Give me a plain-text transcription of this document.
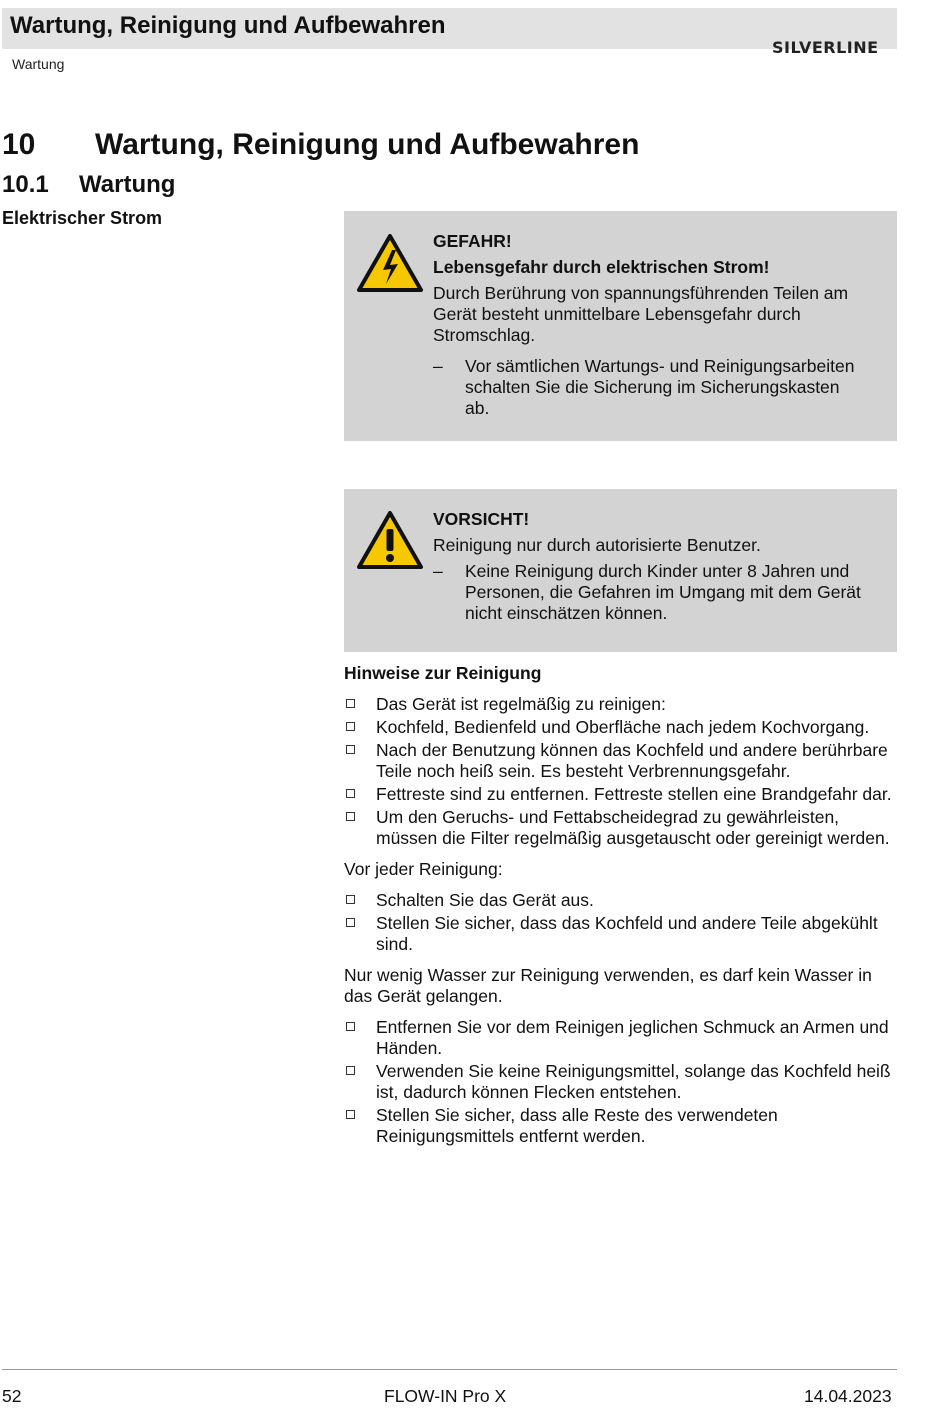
Wartung, Reinigung und Aufbewahren
Wartung
SILVERLINE
10 Wartung, Reinigung und Aufbewahren
10.1 Wartung
Elektrischer Strom
GEFAHR!
Lebensgefahr durch elektrischen Strom!
Durch Berührung von spannungsführenden Teilen am Gerät besteht unmittelbare Lebensgefahr durch Stromschlag.
– Vor sämtlichen Wartungs- und Reinigungsarbeiten schalten Sie die Sicherung im Sicherungskasten ab.
VORSICHT!
Reinigung nur durch autorisierte Benutzer.
– Keine Reinigung durch Kinder unter 8 Jahren und Personen, die Gefahren im Umgang mit dem Gerät nicht einschätzen können.
Hinweise zur Reinigung
Das Gerät ist regelmäßig zu reinigen:
Kochfeld, Bedienfeld und Oberfläche nach jedem Kochvorgang.
Nach der Benutzung können das Kochfeld und andere berührbare Teile noch heiß sein. Es besteht Verbrennungsgefahr.
Fettreste sind zu entfernen. Fettreste stellen eine Brandgefahr dar.
Um den Geruchs- und Fettabscheidegrad zu gewährleisten, müssen die Filter regelmäßig ausgetauscht oder gereinigt werden.
Vor jeder Reinigung:
Schalten Sie das Gerät aus.
Stellen Sie sicher, dass das Kochfeld und andere Teile abgekühlt sind.
Nur wenig Wasser zur Reinigung verwenden, es darf kein Wasser in das Gerät gelangen.
Entfernen Sie vor dem Reinigen jeglichen Schmuck an Armen und Händen.
Verwenden Sie keine Reinigungsmittel, solange das Kochfeld heiß ist, dadurch können Flecken entstehen.
Stellen Sie sicher, dass alle Reste des verwendeten Reinigungsmittels entfernt werden.
52	FLOW-IN Pro X	14.04.2023
